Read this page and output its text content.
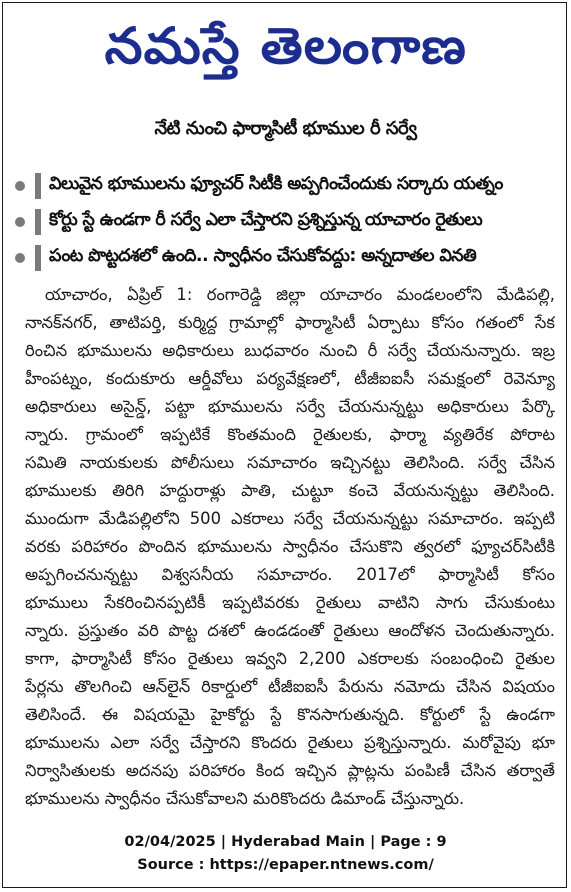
నమస్తే తెలంగాణ
నేటి నుంచి ఫార్మాసిటీ భూముల రీ సర్వే
విలువైన భూములను ఫ్యూచర్ సిటీకి అప్పగించేందుకు సర్కారు యత్నం
కోర్టు స్టే ఉండగా రీ సర్వే ఎలా చేస్తారని ప్రశ్నిస్తున్న యాచారం రైతులు
పంట పొట్టదశలో ఉంది.. స్వాధీనం చేసుకోవద్దు: అన్నదాతల వినతి
యాచారం, ఏప్రిల్ 1: రంగారెడ్డి జిల్లా యాచారం మండలంలోని మేడిపల్లి,
నానక్‌నగర్, తాటిపర్తి, కుర్మిద్ద గ్రామాల్లో ఫార్మాసిటీ ఏర్పాటు కోసం గతంలో సేక
రించిన భూములను అధికారులు బుధవారం నుంచి రీ సర్వే చేయనున్నారు. ఇబ్ర
హీంపట్నం, కందుకూరు ఆర్డీవోలు పర్యవేక్షణలో, టీజీఐఐసీ సమక్షంలో రెవెన్యూ
అధికారులు అసైన్డ్, పట్టా భూములను సర్వే చేయనున్నట్టు అధికారులు పేర్కొ
న్నారు. గ్రామంలో ఇప్పటికే కొంతమంది రైతులకు, ఫార్మా వ్యతిరేక పోరాట
సమితి నాయకులకు పోలీసులు సమాచారం ఇచ్చినట్టు తెలిసింది. సర్వే చేసిన
భూములకు తిరిగి హద్దురాళ్లు పాతి, చుట్టూ కంచె వేయనున్నట్టు తెలిసింది.
ముందుగా మేడిపల్లిలోని 500 ఎకరాలు సర్వే చేయనున్నట్టు సమాచారం. ఇప్పటి
వరకు పరిహారం పొందిన భూములను స్వాధీనం చేసుకొని త్వరలో ఫ్యూచర్‌సిటీకి
అప్పగించనున్నట్టు విశ్వసనీయ సమాచారం. 2017లో ఫార్మాసిటీ కోసం
భూములు సేకరించినప్పటికీ ఇప్పటివరకు రైతులు వాటిని సాగు చేసుకుంటు
న్నారు. ప్రస్తుతం వరి పొట్ట దశలో ఉండడంతో రైతులు ఆందోళన చెందుతున్నారు.
కాగా, ఫార్మాసిటీ కోసం రైతులు ఇవ్వని 2,200 ఎకరాలకు సంబంధించి రైతుల
పేర్లను తొలగించి ఆన్‌లైన్ రికార్డులో టీజీఐఐసీ పేరును నమోదు చేసిన విషయం
తెలిసిందే. ఈ విషయమై హైకోర్టు స్టే కొనసాగుతున్నది. కోర్టులో స్టే ఉండగా
భూములను ఎలా సర్వే చేస్తారని కొందరు రైతులు ప్రశ్నిస్తున్నారు. మరోవైపు భూ
నిర్వాసితులకు అదనపు పరిహారం కింద ఇచ్చిన ప్లాట్లను పంపిణీ చేసిన తర్వాతే
భూములను స్వాధీనం చేసుకోవాలని మరికొందరు డిమాండ్ చేస్తున్నారు.
02/04/2025 | Hyderabad Main | Page : 9
Source : https://epaper.ntnews.com/
